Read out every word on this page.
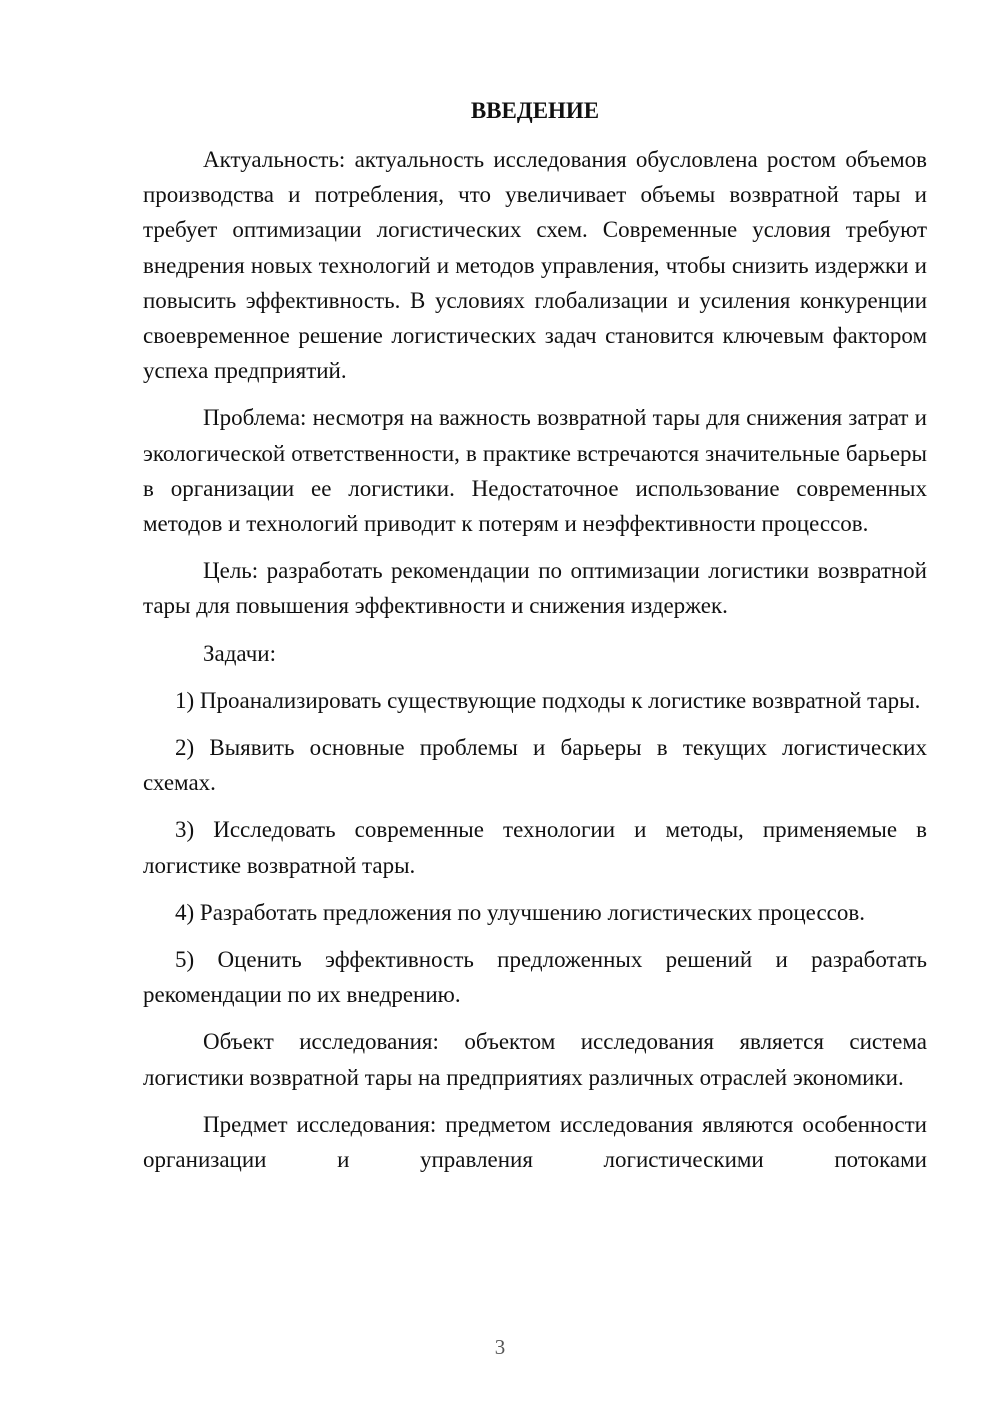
ВВЕДЕНИЕ

Актуальность: актуальность исследования обусловлена ростом объемов производства и потребления, что увеличивает объемы возвратной тары и требует оптимизации логистических схем. Современные условия требуют внедрения новых технологий и методов управления, чтобы снизить издержки и повысить эффективность. В условиях глобализации и усиления конкуренции своевременное решение логистических задач становится ключевым фактором успеха предприятий.

Проблема: несмотря на важность возвратной тары для снижения затрат и экологической ответственности, в практике встречаются значительные барьеры в организации ее логистики. Недостаточное использование современных методов и технологий приводит к потерям и неэффективности процессов.

Цель: разработать рекомендации по оптимизации логистики возвратной тары для повышения эффективности и снижения издержек.

Задачи:

1) Проанализировать существующие подходы к логистике возвратной тары.

2) Выявить основные проблемы и барьеры в текущих логистических схемах.

3) Исследовать современные технологии и методы, применяемые в логистике возвратной тары.

4) Разработать предложения по улучшению логистических процессов.

5) Оценить эффективность предложенных решений и разработать рекомендации по их внедрению.

Объект исследования: объектом исследования является система логистики возвратной тары на предприятиях различных отраслей экономики.

Предмет исследования: предметом исследования являются особенности организации и управления логистическими потоками

3
